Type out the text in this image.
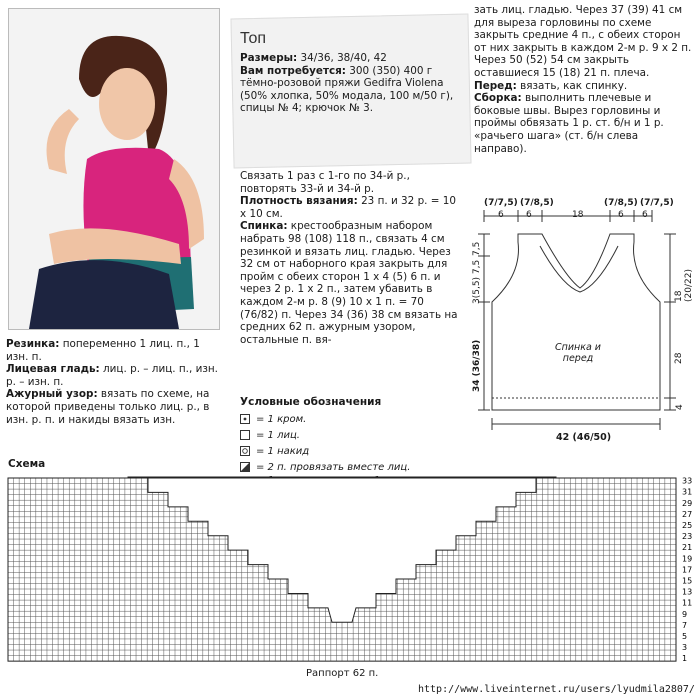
Топ
Размеры: 34/36, 38/40, 42
Вам потребуется: 300 (350) 400 г тёмно-розовой пряжи Gedifra Violena (50% хлопка, 50% модала, 100 м/50 г), спицы № 4; крючок № 3.
Связать 1 раз с 1-го по 34-й р., повторять 33-й и 34-й р.
Плотность вязания: 23 п. и 32 р. = 10 х 10 см.
Спинка: крестообразным набором набрать 98 (108) 118 п., связать 4 см резинкой и вязать лиц. гладью. Через 32 см от наборного края закрыть для пройм с обеих сторон 1 х 4 (5) 6 п. и через 2 р. 1 х 2 п., затем убавить в каждом 2-м р. 8 (9) 10 х 1 п. = 70 (76/82) п. Через 34 (36) 38 см вязать на средних 62 п. ажурным узором, остальные п. вя-
зать лиц. гладью. Через 37 (39) 41 см для выреза горловины по схеме закрыть средние 4 п., с обеих сторон от них закрыть в каждом 2-м р. 9 х 2 п. Через 50 (52) 54 см закрыть оставшиеся 15 (18) 21 п. плеча.
Перед: вязать, как спинку.
Сборка: выполнить плечевые и боковые швы. Вырез горловины и проймы обвязать 1 р. ст. б/н и 1 р. «рачьего шага» (ст. б/н слева направо).
Резинка: попеременно 1 лиц. п., 1 изн. п.
Лицевая гладь: лиц. р. – лиц. п., изн. р. – изн. п.
Ажурный узор: вязать по схеме, на которой приведены только лиц. р., в изн. р. п. и накиды вязать изн.
Условные обозначения
= 1 кром.
= 1 лиц.
= 1 накид
= 2 п. провязать вместе лиц.
(7/7,5) (7/8,5)	(7/8,5) (7/7,5)
6 6	18	6 6
7,5
3(5,5) 7,5
34 (36/38)
18 (20/22)
28
4
Спинка и перед
42 (46/50)
Схема
33
31
29
27
25
23
21
19
17
15
13
11
9
7
5
3
1
Раппорт 62 п.
http://www.liveinternet.ru/users/lyudmila2807/
